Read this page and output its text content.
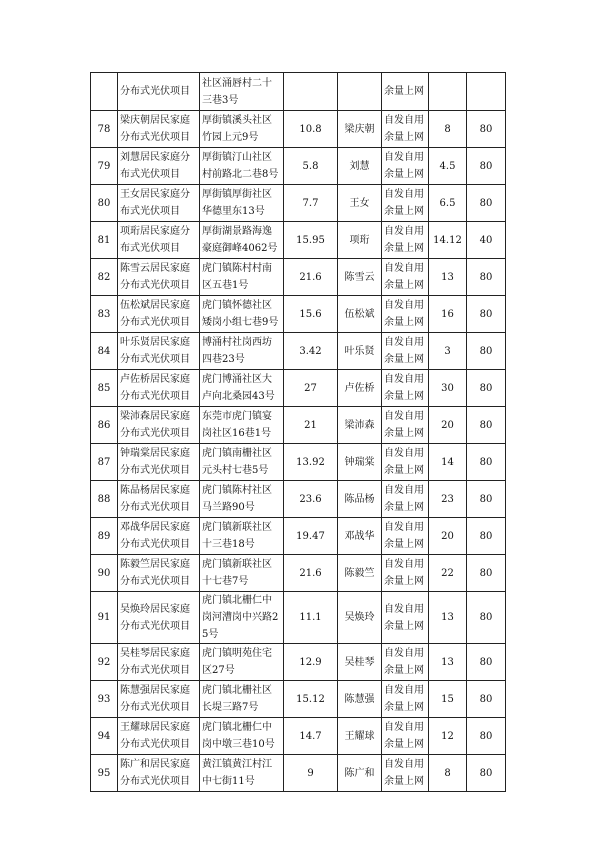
	分布式光伏项目	社区涌唇村二十三巷3号			余量上网		

78	梁庆朝居民家庭分布式光伏项目	厚街镇溪头社区竹园上元9号	10.8	梁庆朝	自发自用余量上网	8	80
79	刘慧居民家庭分布式光伏项目	厚街镇汀山社区村前路北二巷8号	5.8	刘慧	自发自用余量上网	4.5	80
80	王女居民家庭分布式光伏项目	厚街镇厚街社区华德里东13号	7.7	王女	自发自用余量上网	6.5	80
81	项珩居民家庭分布式光伏项目	厚街湖景路海逸豪庭御峰4062号	15.95	项珩	自发自用余量上网	14.12	40
82	陈雪云居民家庭分布式光伏项目	虎门镇陈村村南区五巷1号	21.6	陈雪云	自发自用余量上网	13	80
83	伍松斌居民家庭分布式光伏项目	虎门镇怀德社区矮岗小组七巷9号	15.6	伍松斌	自发自用余量上网	16	80
84	叶乐贤居民家庭分布式光伏项目	博涌村社岗西坊四巷23号	3.42	叶乐贤	自发自用余量上网	3	80
85	卢佐桥居民家庭分布式光伏项目	虎门博涌社区大卢向北桑园43号	27	卢佐桥	自发自用余量上网	30	80
86	梁沛森居民家庭分布式光伏项目	东莞市虎门镇宴岗社区16巷1号	21	梁沛森	自发自用余量上网	20	80
87	钟瑞棠居民家庭分布式光伏项目	虎门镇南栅社区元头村七巷5号	13.92	钟瑞棠	自发自用余量上网	14	80
88	陈品杨居民家庭分布式光伏项目	虎门镇陈村社区马兰路90号	23.6	陈品杨	自发自用余量上网	23	80
89	邓战华居民家庭分布式光伏项目	虎门镇新联社区十三巷18号	19.47	邓战华	自发自用余量上网	20	80
90	陈毅竺居民家庭分布式光伏项目	虎门镇新联社区十七巷7号	21.6	陈毅竺	自发自用余量上网	22	80
91	吴焕玲居民家庭分布式光伏项目	虎门镇北栅仁中岗河漕岗中兴路25号	11.1	吴焕玲	自发自用余量上网	13	80
92	吴桂琴居民家庭分布式光伏项目	虎门镇明苑住宅区27号	12.9	吴桂琴	自发自用余量上网	13	80
93	陈慧强居民家庭分布式光伏项目	虎门镇北栅社区长堤三路7号	15.12	陈慧强	自发自用余量上网	15	80
94	王耀球居民家庭分布式光伏项目	虎门镇北栅仁中岗中墩三巷10号	14.7	王耀球	自发自用余量上网	12	80
95	陈广和居民家庭分布式光伏项目	黄江镇黄江村江中七街11号	9	陈广和	自发自用余量上网	8	80
